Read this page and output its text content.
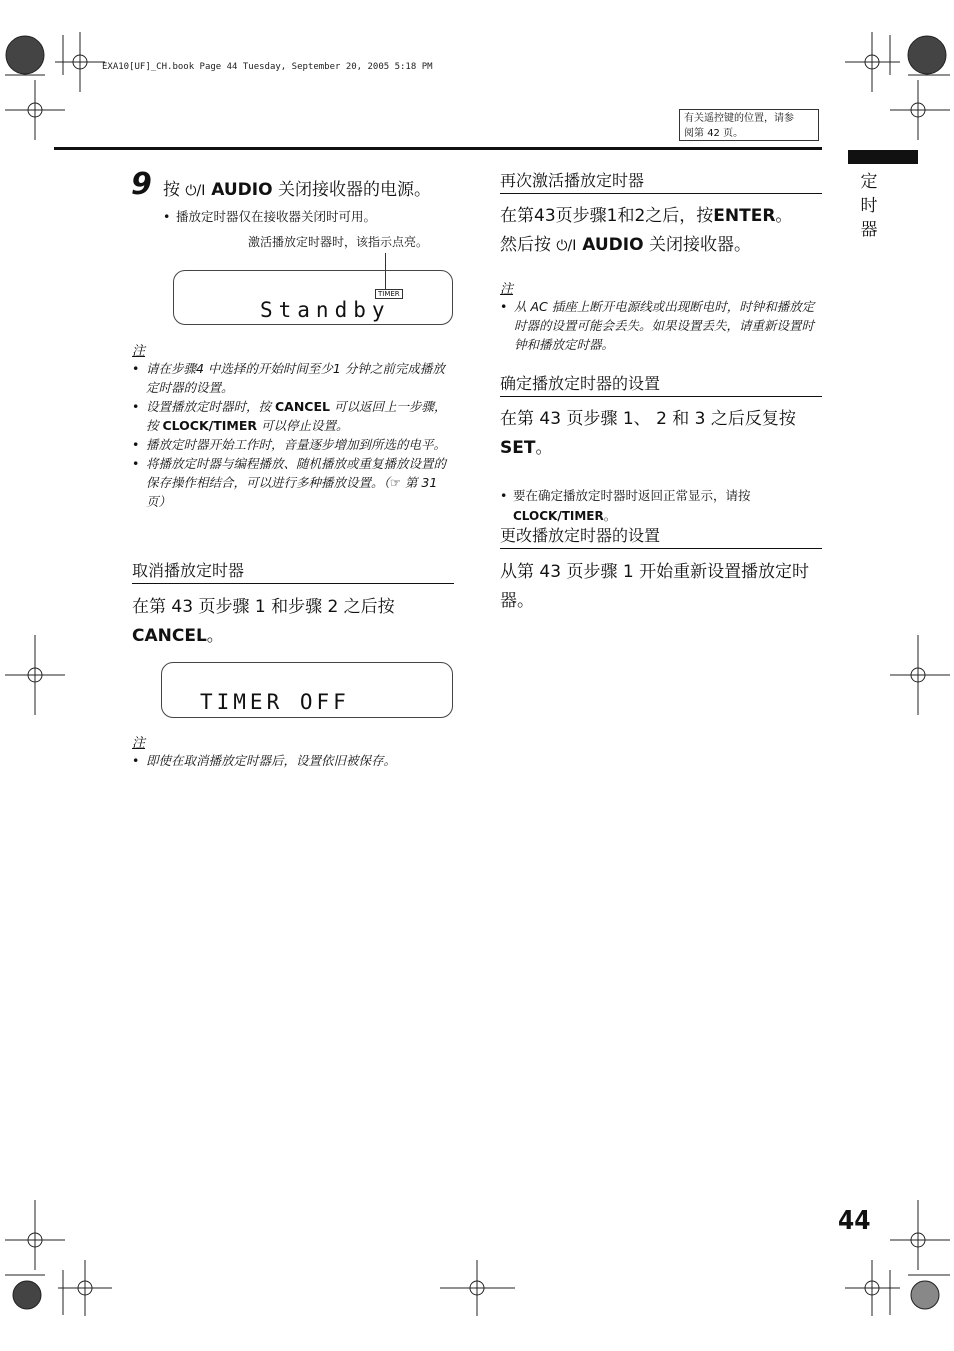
EXA10[UF]_CH.book Page 44 Tuesday, September 20, 2005 5:18 PM
有关遥控键的位置，请参
阅第 42 页。
定
时
器
9 按 ⏻/I AUDIO 关闭接收器的电源。
• 播放定时器仅在接收器关闭时可用。
激活播放定时器时，该指示点亮。
TIMER
Standby
注
• 请在步骤4 中选择的开始时间至少1 分钟之前完成播放定时器的设置。
• 设置播放定时器时，按 CANCEL 可以返回上一步骤，按 CLOCK/TIMER 可以停止设置。
• 播放定时器开始工作时，音量逐步增加到所选的电平。
• 将播放定时器与编程播放、随机播放或重复播放设置的保存操作相结合，可以进行多种播放设置。（☞ 第 31 页）
取消播放定时器
在第 43 页步骤 1 和步骤 2 之后按
CANCEL。
TIMER OFF
注
• 即使在取消播放定时器后，设置依旧被保存。
再次激活播放定时器
在第43页步骤1和2之后，按ENTER。
然后按 ⏻/I AUDIO 关闭接收器。
注
• 从 AC 插座上断开电源线或出现断电时，时钟和播放定时器的设置可能会丢失。如果设置丢失，请重新设置时钟和播放定时器。
确定播放定时器的设置
在第 43 页步骤 1、 2 和 3 之后反复按
SET。
• 要在确定播放定时器时返回正常显示，请按
CLOCK/TIMER。
更改播放定时器的设置
从第 43 页步骤 1 开始重新设置播放定时器。
44
